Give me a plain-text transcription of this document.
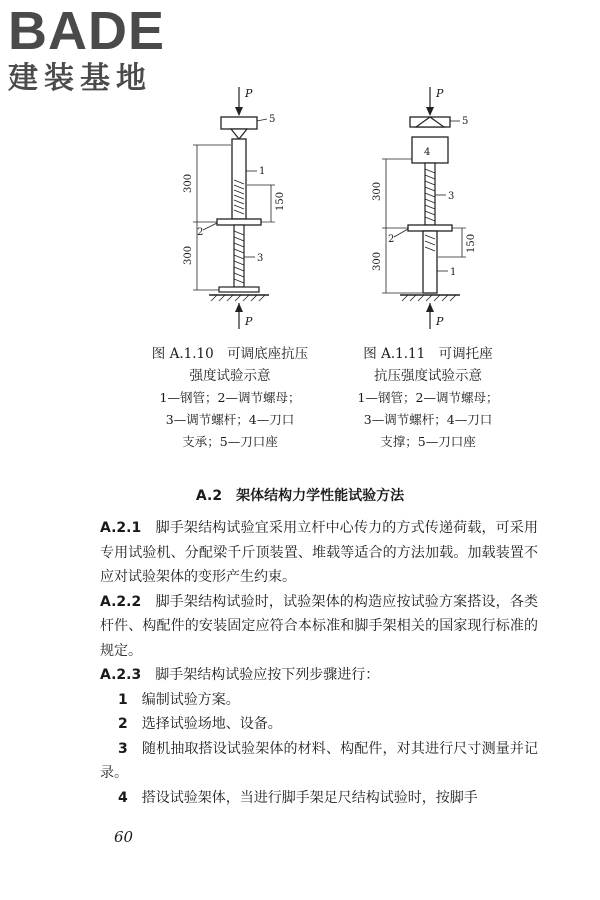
BADE
建装基地	P
5
1
2
3
P
300
300
150
P
5
4
3
2
1
P
300
300
150
图 A.1.10　可调底座抗压
强度试验示意
1—钢管；2—调节螺母；
3—调节螺杆；4—刀口
支承；5—刀口座
图 A.1.11　可调托座
抗压强度试验示意
1—钢管；2—调节螺母；
3—调节螺杆；4—刀口
支撑；5—刀口座
A.2　 架体结构力学性能试验方法
A.2.1　 脚手架结构试验宜采用立杆中心传力的方式传递荷载，可采用专用试验机、分配梁千斤顶装置、堆载等适合的方法加载。加载装置不应对试验架体的变形产生约束。
A.2.2　 脚手架结构试验时，试验架体的构造应按试验方案搭设，各类杆件、构配件的安装固定应符合本标准和脚手架相关的国家现行标准的规定。
A.2.3　 脚手架结构试验应按下列步骤进行：
1　 编制试验方案。
2　 选择试验场地、设备。
3　 随机抽取搭设试验架体的材料、构配件，对其进行尺寸测量并记录。
4　 搭设试验架体，当进行脚手架足尺结构试验时，按脚手
60
